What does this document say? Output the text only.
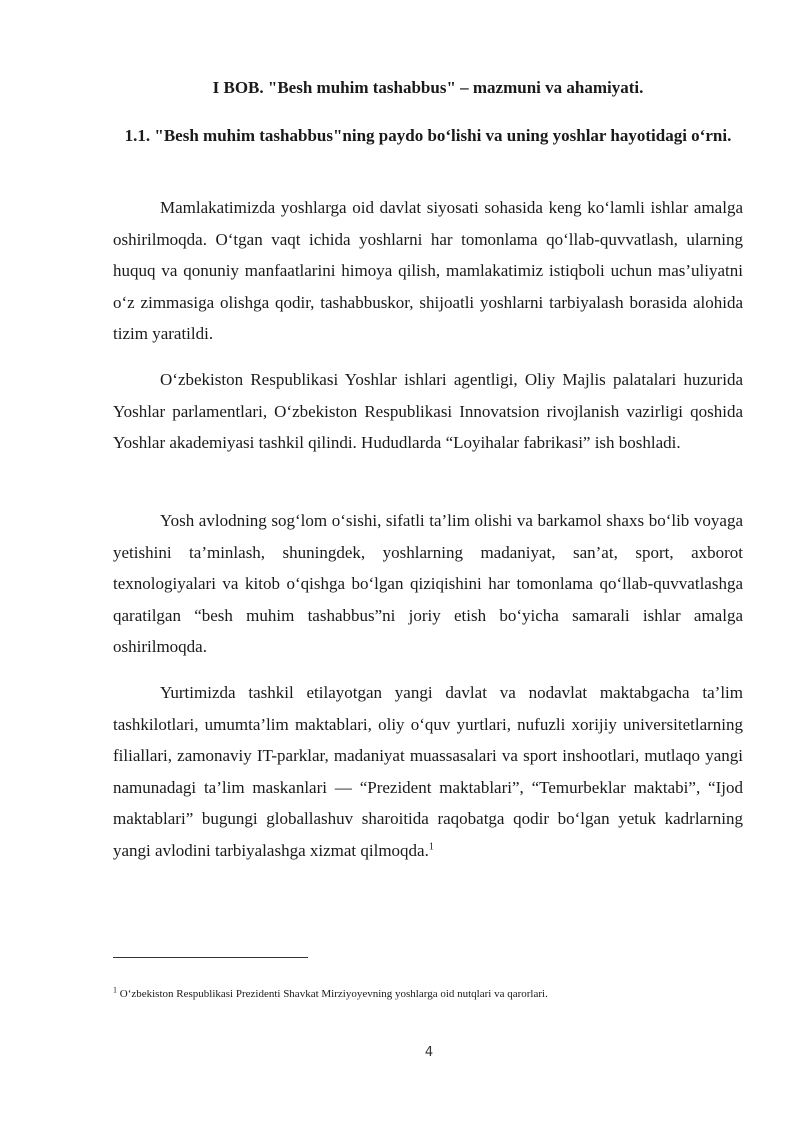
I BOB. "Besh muhim tashabbus" – mazmuni va ahamiyati.
1.1. "Besh muhim tashabbus"ning paydo bo‘lishi va uning yoshlar hayotidagi o‘rni.

Mamlakatimizda yoshlarga oid davlat siyosati sohasida keng ko‘lamli ishlar amalga oshirilmoqda. O‘tgan vaqt ichida yoshlarni har tomonlama qo‘llab-quvvatlash, ularning huquq va qonuniy manfaatlarini himoya qilish, mamlakatimiz istiqboli uchun mas’uliyatni o‘z zimmasiga olishga qodir, tashabbuskor, shijoatli yoshlarni tarbiyalash borasida alohida tizim yaratildi.

O‘zbekiston Respublikasi Yoshlar ishlari agentligi, Oliy Majlis palatalari huzurida Yoshlar parlamentlari, O‘zbekiston Respublikasi Innovatsion rivojlanish vazirligi qoshida Yoshlar akademiyasi tashkil qilindi. Hududlarda “Loyihalar fabrikasi” ish boshladi.

Yosh avlodning sog‘lom o‘sishi, sifatli ta’lim olishi va barkamol shaxs bo‘lib voyaga yetishini ta’minlash, shuningdek, yoshlarning madaniyat, san’at, sport, axborot texnologiyalari va kitob o‘qishga bo‘lgan qiziqishini har tomonlama qo‘llab-quvvatlashga qaratilgan “besh muhim tashabbus”ni joriy etish bo‘yicha samarali ishlar amalga oshirilmoqda.

Yurtimizda tashkil etilayotgan yangi davlat va nodavlat maktabgacha ta’lim tashkilotlari, umumta’lim maktablari, oliy o‘quv yurtlari, nufuzli xorijiy universitetlarning filiallari, zamonaviy IT-parklar, madaniyat muassasalari va sport inshootlari, mutlaqo yangi namunadagi ta’lim maskanlari — “Prezident maktablari”, “Temurbeklar maktabi”, “Ijod maktablari” bugungi globallashuv sharoitida raqobatga qodir bo‘lgan yetuk kadrlarning yangi avlodini tarbiyalashga xizmat qilmoqda.$^1$

$^1$ O‘zbekiston Respublikasi Prezidenti Shavkat Mirziyoyevning yoshlarga oid nutqlari va qarorlari.

4
